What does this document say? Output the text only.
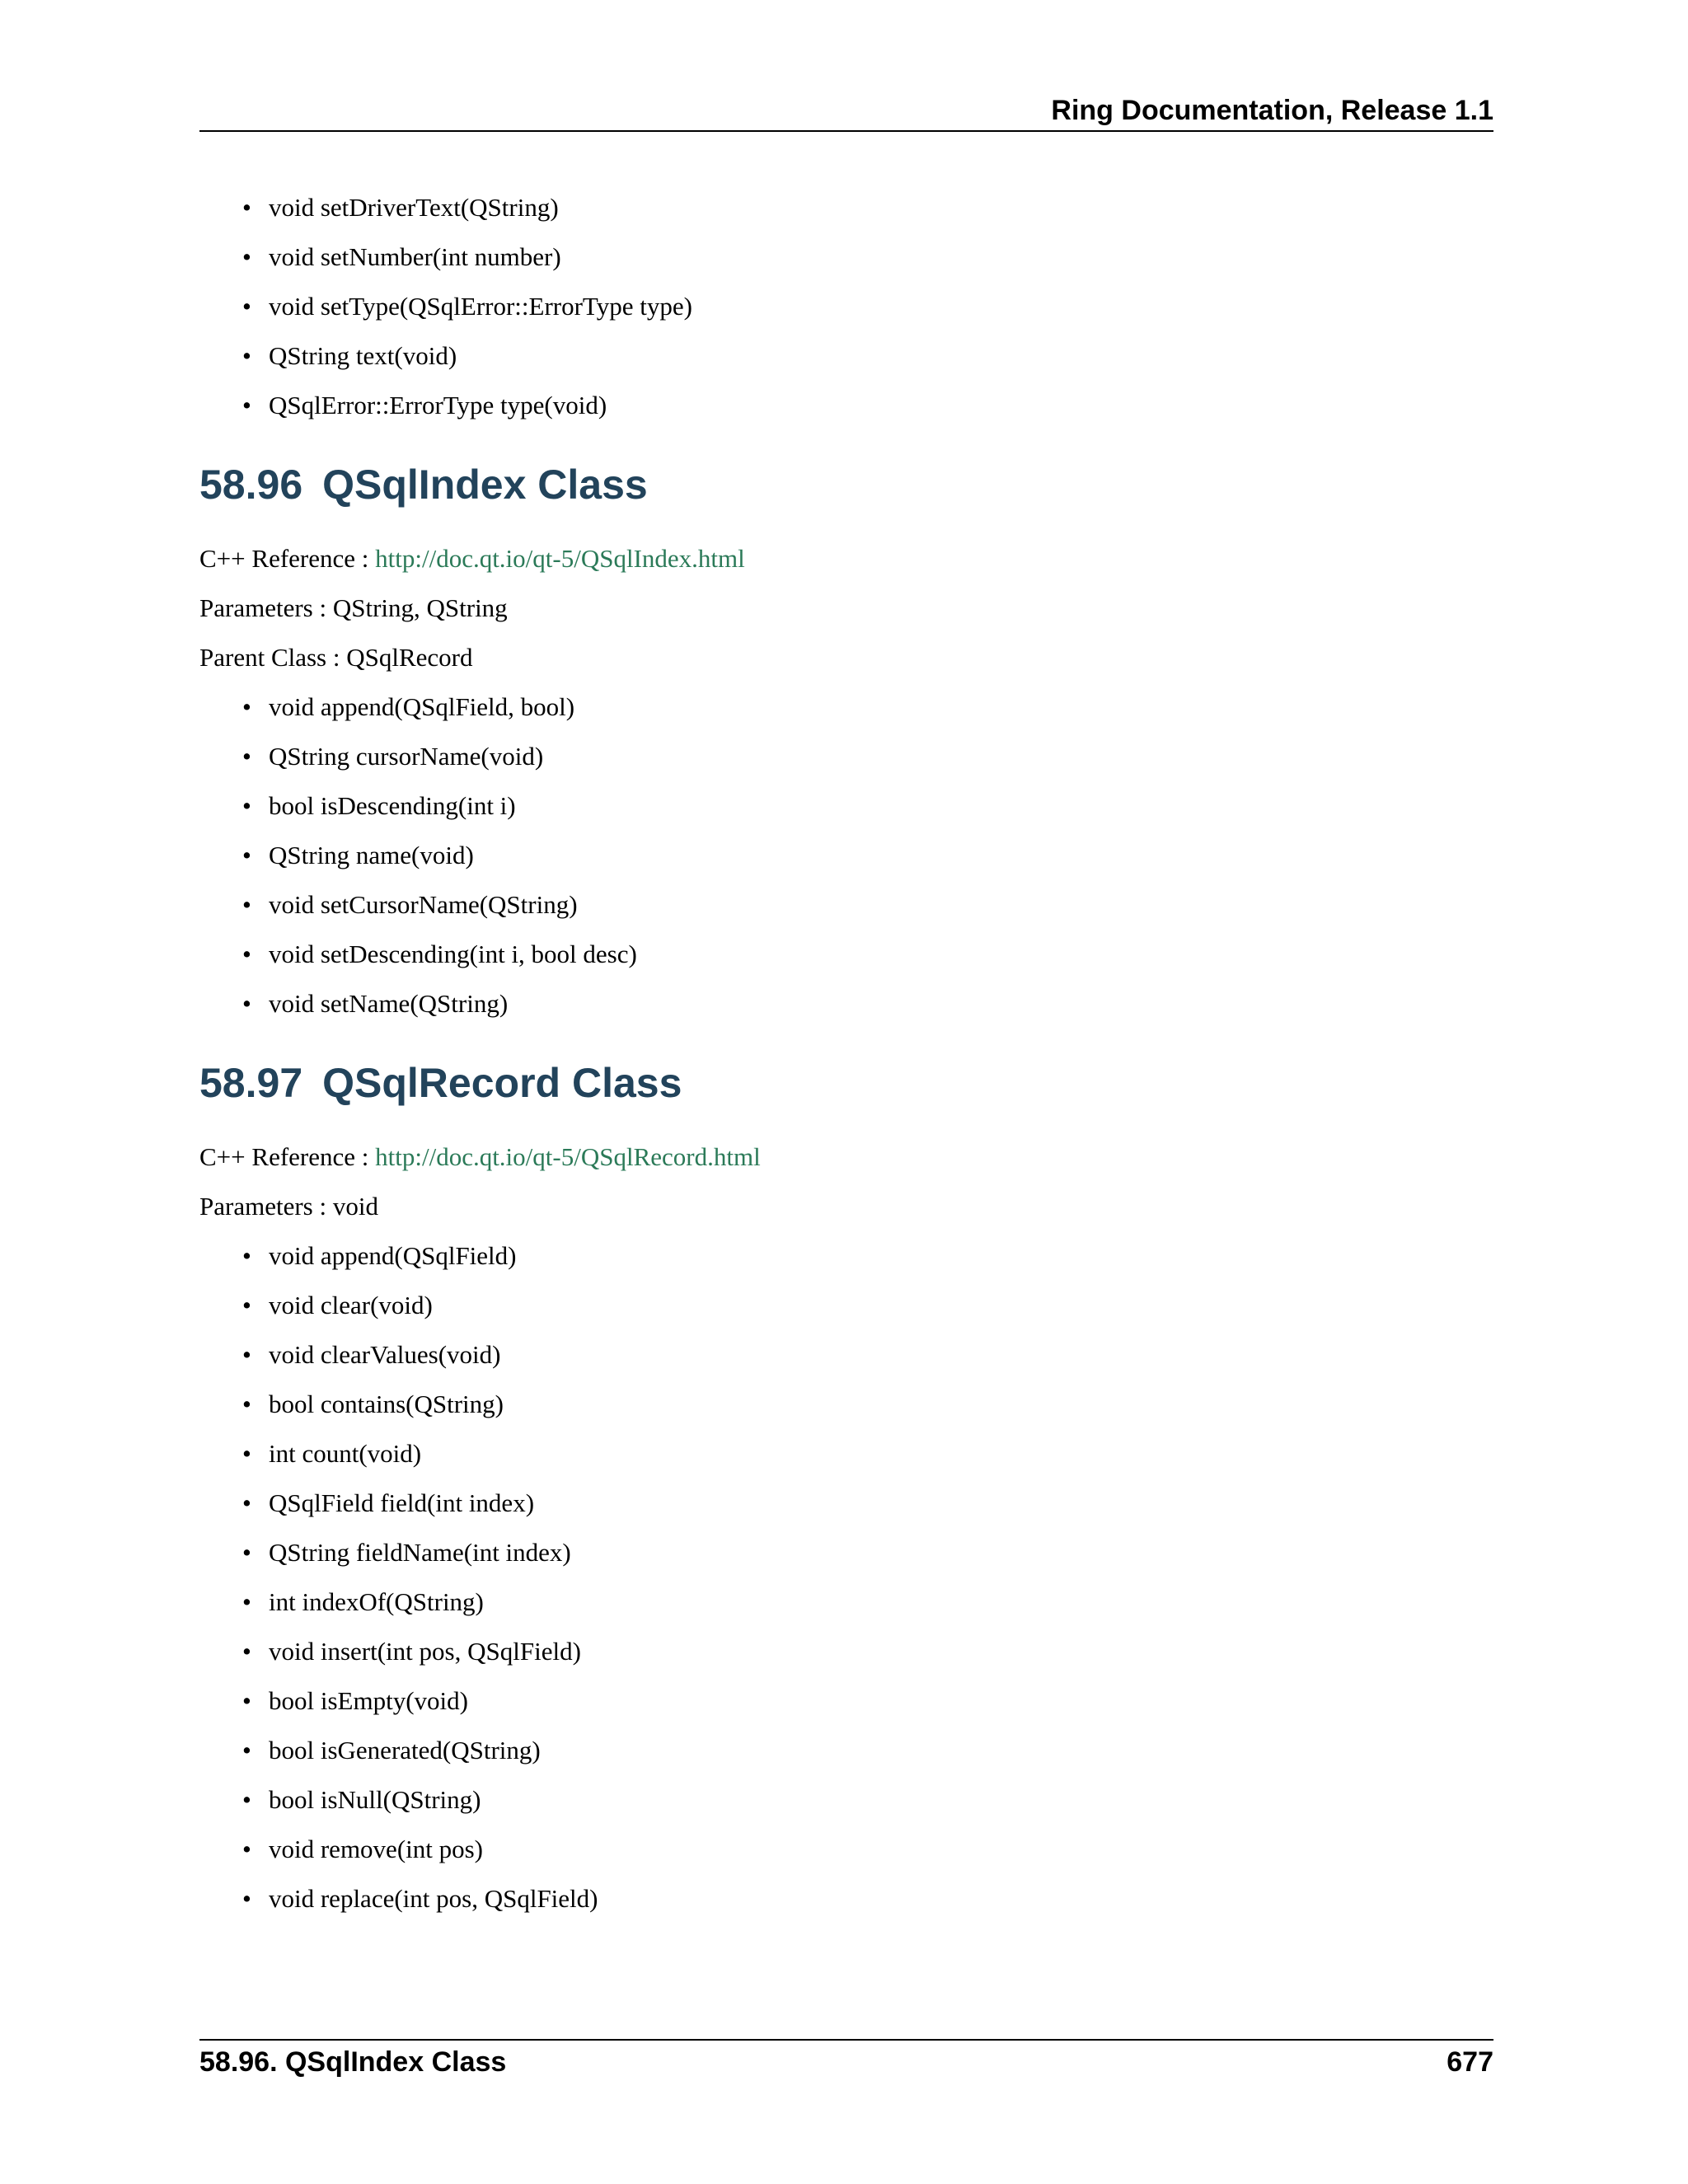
Ring Documentation, Release 1.1
• void setDriverText(QString)
• void setNumber(int number)
• void setType(QSqlError::ErrorType type)
• QString text(void)
• QSqlError::ErrorType type(void)
58.96 QSqlIndex Class

C++ Reference : http://doc.qt.io/qt-5/QSqlIndex.html

Parameters : QString, QString

Parent Class : QSqlRecord

• void append(QSqlField, bool)
• QString cursorName(void)
• bool isDescending(int i)
• QString name(void)
• void setCursorName(QString)
• void setDescending(int i, bool desc)
• void setName(QString)
58.97 QSqlRecord Class

C++ Reference : http://doc.qt.io/qt-5/QSqlRecord.html

Parameters : void

• void append(QSqlField)
• void clear(void)
• void clearValues(void)
• bool contains(QString)
• int count(void)
• QSqlField field(int index)
• QString fieldName(int index)
• int indexOf(QString)
• void insert(int pos, QSqlField)
• bool isEmpty(void)
• bool isGenerated(QString)
• bool isNull(QString)
• void remove(int pos)
• void replace(int pos, QSqlField)
58.96. QSqlIndex Class	677
